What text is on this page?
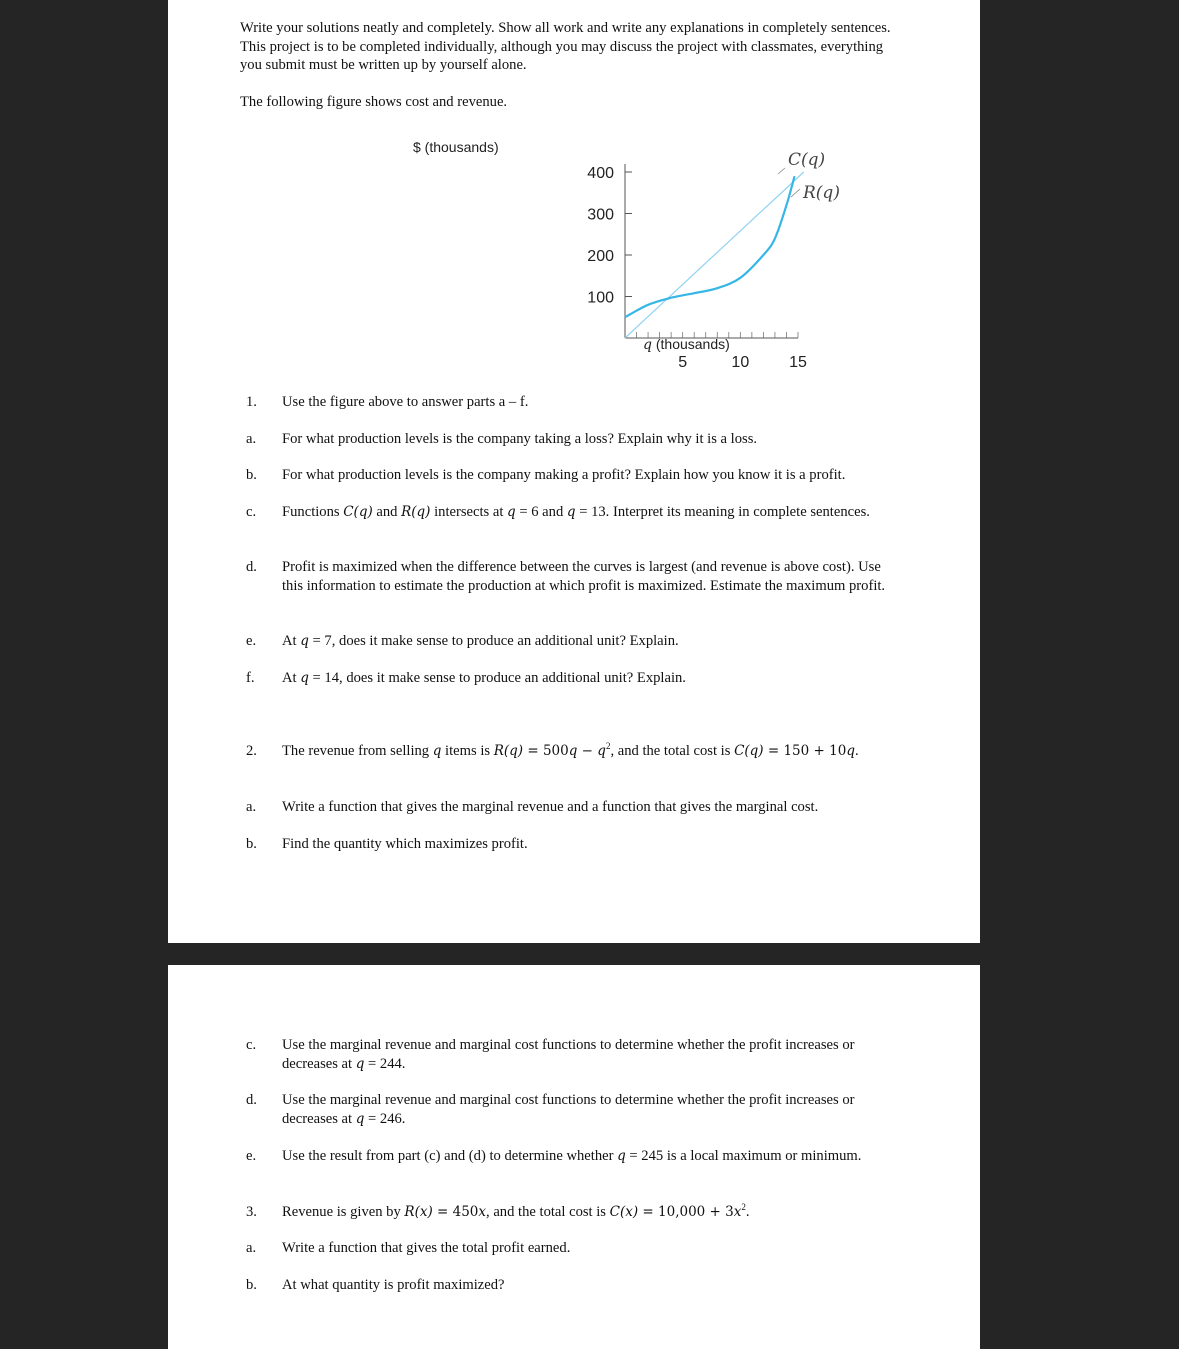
Write your solutions neatly and completely. Show all work and write any explanations in completely sentences. This project is to be completed individually, although you may discuss the project with classmates, everything you submit must be written up by yourself alone.
The following figure shows cost and revenue.
$ (thousands)
q (thousands)
100
200
300
400
5	10 15
C(q)
R(q)
1. Use the figure above to answer parts a – f.
a. For what production levels is the company taking a loss? Explain why it is a loss.
b. For what production levels is the company making a profit? Explain how you know it is a profit.
c. Functions C(q) and R(q) intersects at q = 6 and q = 13. Interpret its meaning in complete sentences.
d. Profit is maximized when the difference between the curves is largest (and revenue is above cost). Use this information to estimate the production at which profit is maximized. Estimate the maximum profit.
e. At q = 7, does it make sense to produce an additional unit? Explain.
f. At q = 14, does it make sense to produce an additional unit? Explain.
2. The revenue from selling q items is $R(q) = 500q - q^2$, and the total cost is C(q) = 150 + 10q.
a. Write a function that gives the marginal revenue and a function that gives the marginal cost.
b. Find the quantity which maximizes profit.
c. Use the marginal revenue and marginal cost functions to determine whether the profit increases or decreases at q = 244.
d. Use the marginal revenue and marginal cost functions to determine whether the profit increases or decreases at q = 246.
e. Use the result from part (c) and (d) to determine whether q = 245 is a local maximum or minimum.
3. Revenue is given by R(x) = 450x, and the total cost is $C(x) = 10,000 + 3x^2$.
a. Write a function that gives the total profit earned.
b. At what quantity is profit maximized?
